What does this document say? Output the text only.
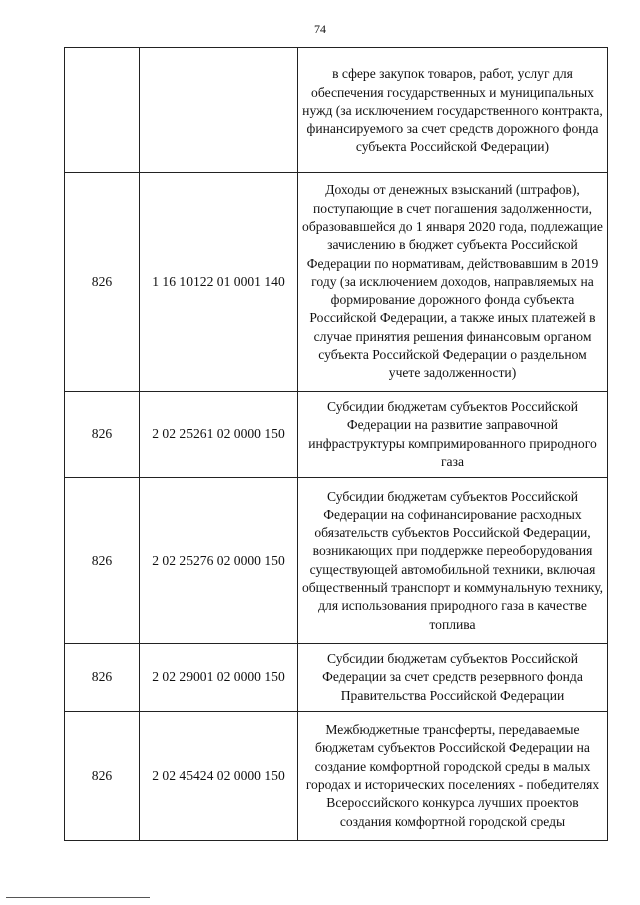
74
		в сфере закупок товаров, работ, услуг для обеспечения государственных и муниципальных нужд (за исключением государственного контракта, финансируемого за счет средств дорожного фонда субъекта Российской Федерации)
826	1 16 10122 01 0001 140	Доходы от денежных взысканий (штрафов), поступающие в счет погашения задолженности, образовавшейся до 1 января 2020 года, подлежащие зачислению в бюджет субъекта Российской Федерации по нормативам, действовавшим в 2019 году (за исключением доходов, направляемых на формирование дорожного фонда субъекта Российской Федерации, а также иных платежей в случае принятия решения финансовым органом субъекта Российской Федерации о раздельном учете задолженности)
826	2 02 25261 02 0000 150	Субсидии бюджетам субъектов Российской Федерации на развитие заправочной инфраструктуры компримированного природного газа
826	2 02 25276 02 0000 150	Субсидии бюджетам субъектов Российской Федерации на софинансирование расходных обязательств субъектов Российской Федерации, возникающих при поддержке переоборудования существующей автомобильной техники, включая общественный транспорт и коммунальную технику, для использования природного газа в качестве топлива
826	2 02 29001 02 0000 150	Субсидии бюджетам субъектов Российской Федерации за счет средств резервного фонда Правительства Российской Федерации
826	2 02 45424 02 0000 150	Межбюджетные трансферты, передаваемые бюджетам субъектов Российской Федерации на создание комфортной городской среды в малых городах и исторических поселениях - победителях Всероссийского конкурса лучших проектов создания комфортной городской среды
